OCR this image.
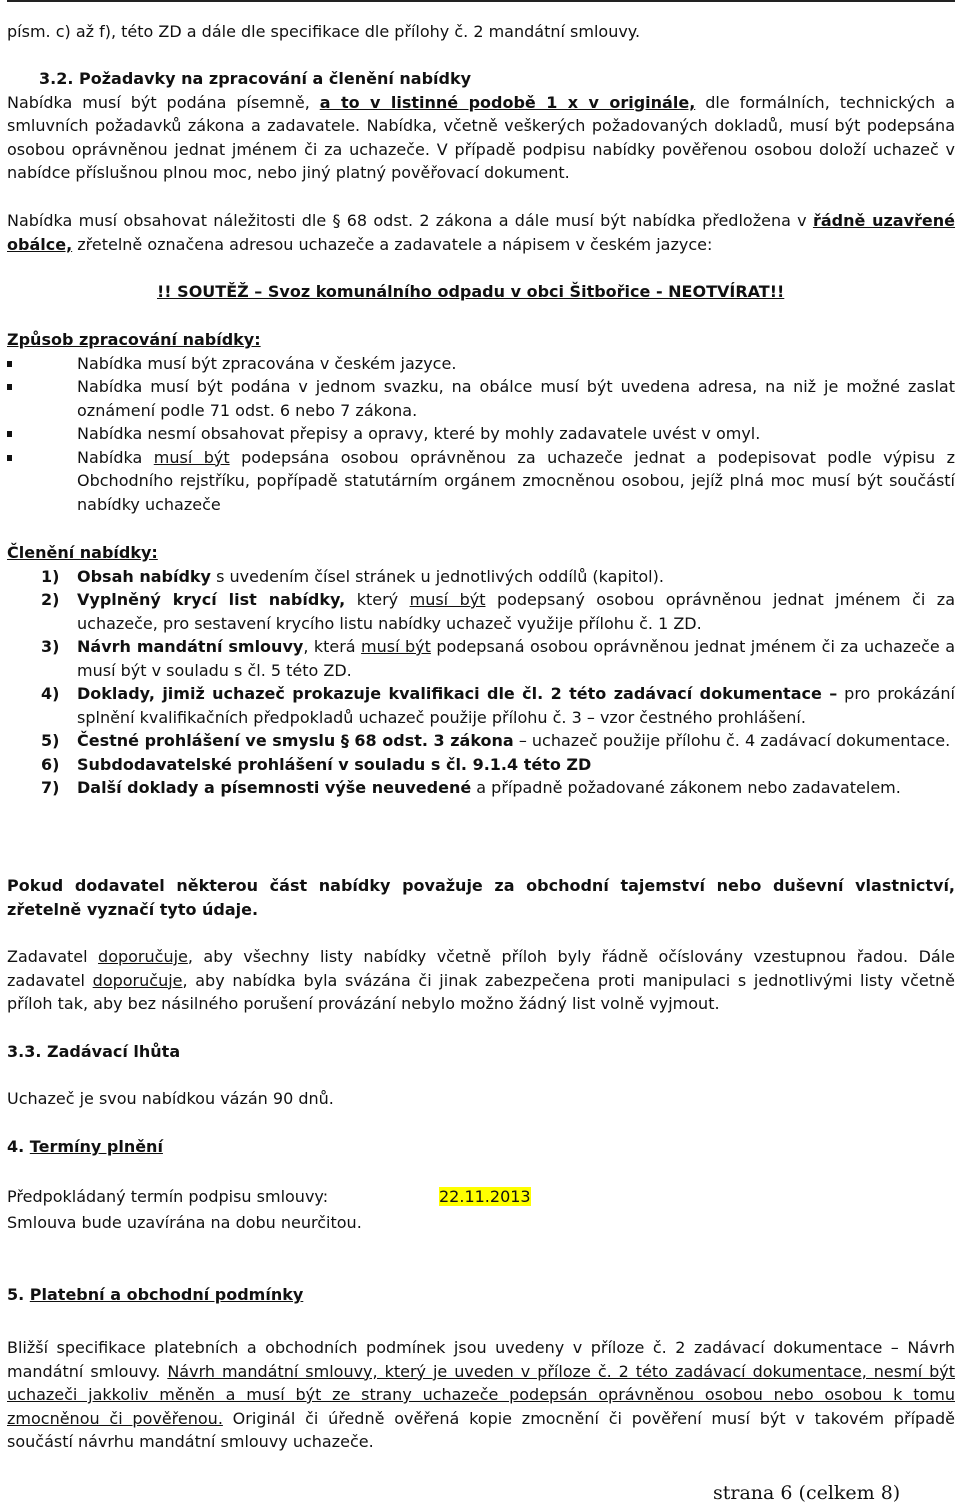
písm. c) až f), této ZD a dále dle specifikace dle přílohy č. 2 mandátní smlouvy.

3.2. Požadavky na zpracování a členění nabídky

Nabídka musí být podána písemně, a to v listinné podobě 1 x v originále, dle formálních, technických a smluvních požadavků zákona a zadavatele. Nabídka, včetně veškerých požadovaných dokladů, musí být podepsána osobou oprávněnou jednat jménem či za uchazeče. V případě podpisu nabídky pověřenou osobou doloží uchazeč v nabídce příslušnou plnou moc, nebo jiný platný pověřovací dokument.

Nabídka musí obsahovat náležitosti dle § 68 odst. 2 zákona a dále musí být nabídka předložena v řádně uzavřené obálce, zřetelně označena adresou uchazeče a zadavatele a nápisem v českém jazyce:

!! SOUTĚŽ – Svoz komunálního odpadu v obci Šitbořice - NEOTVÍRAT!!

Způsob zpracování nabídky:

Nabídka musí být zpracována v českém jazyce.
Nabídka musí být podána v jednom svazku, na obálce musí být uvedena adresa, na niž je možné zaslat oznámení podle 71 odst. 6 nebo 7 zákona.
Nabídka nesmí obsahovat přepisy a opravy, které by mohly zadavatele uvést v omyl.
Nabídka musí být podepsána osobou oprávněnou za uchazeče jednat a podepisovat podle výpisu z Obchodního rejstříku, popřípadě statutárním orgánem zmocněnou osobou, jejíž plná moc musí být součástí nabídky uchazeče

Členění nabídky:

1) Obsah nabídky s uvedením čísel stránek u jednotlivých oddílů (kapitol).
2) Vyplněný krycí list nabídky, který musí být podepsaný osobou oprávněnou jednat jménem či za uchazeče, pro sestavení krycího listu nabídky uchazeč využije přílohu č. 1 ZD.
3) Návrh mandátní smlouvy, která musí být podepsaná osobou oprávněnou jednat jménem či za uchazeče a musí být v souladu s čl. 5 této ZD.
4) Doklady, jimiž uchazeč prokazuje kvalifikaci dle čl. 2 této zadávací dokumentace – pro prokázání splnění kvalifikačních předpokladů uchazeč použije přílohu č. 3 – vzor čestného prohlášení.
5) Čestné prohlášení ve smyslu § 68 odst. 3 zákona – uchazeč použije přílohu č. 4 zadávací dokumentace.
6) Subdodavatelské prohlášení v souladu s čl. 9.1.4 této ZD
7) Další doklady a písemnosti výše neuvedené a případně požadované zákonem nebo zadavatelem.

Pokud dodavatel některou část nabídky považuje za obchodní tajemství nebo duševní vlastnictví, zřetelně vyznačí tyto údaje.

Zadavatel doporučuje, aby všechny listy nabídky včetně příloh byly řádně očíslovány vzestupnou řadou. Dále zadavatel doporučuje, aby nabídka byla svázána či jinak zabezpečena proti manipulaci s jednotlivými listy včetně příloh tak, aby bez násilného porušení provázání nebylo možno žádný list volně vyjmout.

3.3. Zadávací lhůta

Uchazeč je svou nabídkou vázán 90 dnů.

4. Termíny plnění

Předpokládaný termín podpisu smlouvy:	22.11.2013

Smlouva bude uzavírána na dobu neurčitou.

5. Platební a obchodní podmínky

Bližší specifikace platebních a obchodních podmínek jsou uvedeny v příloze č. 2 zadávací dokumentace – Návrh mandátní smlouvy. Návrh mandátní smlouvy, který je uveden v příloze č. 2 této zadávací dokumentace, nesmí být uchazeči jakkoliv měněn a musí být ze strany uchazeče podepsán oprávněnou osobou nebo osobou k tomu zmocněnou či pověřenou. Originál či úředně ověřená kopie zmocnění či pověření musí být v takovém případě součástí návrhu mandátní smlouvy uchazeče.

strana 6 (celkem 8)
